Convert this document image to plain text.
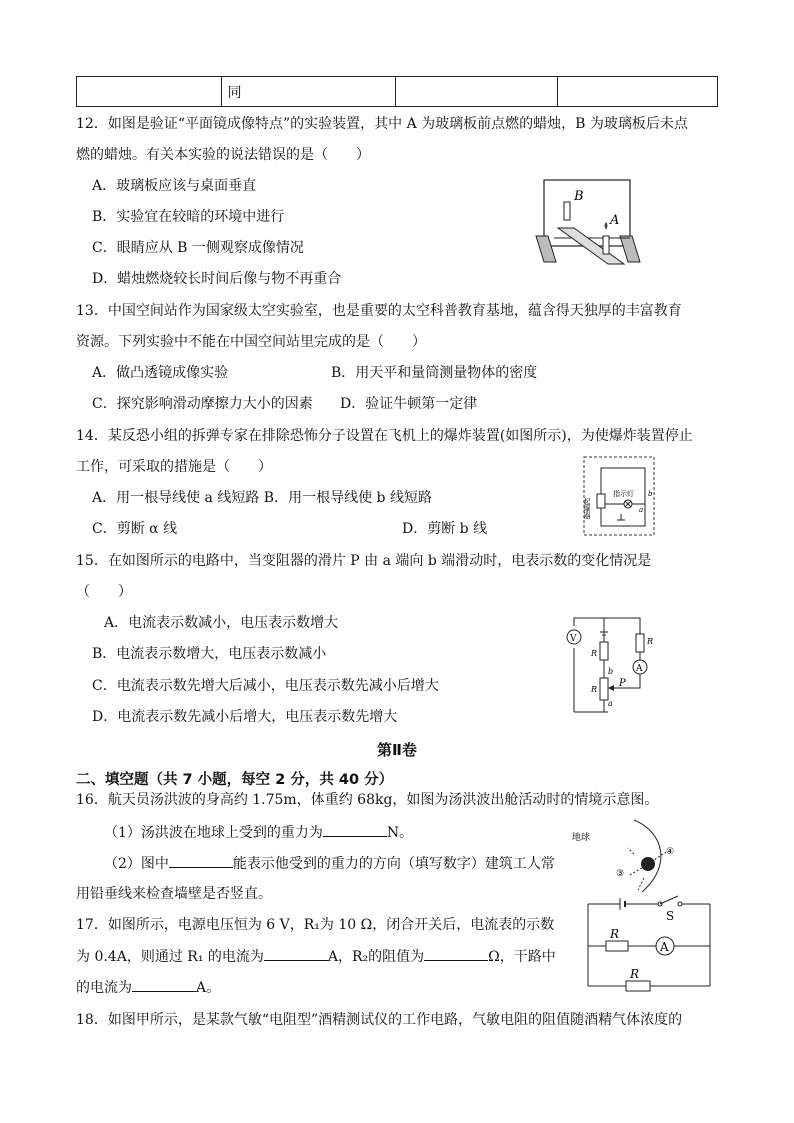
	同		
12．如图是验证“平面镜成像特点”的实验装置，其中 A 为玻璃板前点燃的蜡烛，B 为玻璃板后未点
燃的蜡烛。有关本实验的说法错误的是（　　）
A．玻璃板应该与桌面垂直
B．实验宜在较暗的环境中进行
C．眼睛应从 B 一侧观察成像情况
D．蜡烛燃烧较长时间后像与物不再重合
B
A
13．中国空间站作为国家级太空实验室，也是重要的太空科普教育基地，蕴含得天独厚的丰富教育
资源。下列实验中不能在中国空间站里完成的是（　　）
A．做凸透镜成像实验	B．用天平和量筒测量物体的密度
C．探究影响滑动摩擦力大小的因素 D．验证牛顿第一定律
14．某反恐小组的拆弹专家在排除恐怖分子设置在飞机上的爆炸装置(如图所示)，为使爆炸装置停止
工作，可采取的措施是（　　）
A．用一根导线使 a 线短路 B．用一根导线使 b 线短路
C．剪断 α 线	D．剪断 b 线
起爆器
指示灯
a
b
15．在如图所示的电路中，当变阻器的滑片 P 由 a 端向 b 端滑动时，电表示数的变化情况是
（　　）
A．电流表示数减小，电压表示数增大
B．电流表示数增大，电压表示数减小
C．电流表示数先增大后减小，电压表示数先减小后增大
D．电流表示数先减小后增大，电压表示数先增大
V
R
b
R
a
P
R
A
第Ⅱ卷
二、填空题（共 7 小题，每空 2 分，共 40 分）
16．航天员汤洪波的身高约 1.75m，体重约 68kg，如图为汤洪波出舱活动时的情境示意图。
（1）汤洪波在地球上受到的重力为	N。
（2）图中	能表示他受到的重力的方向（填写数字）建筑工人常
用铅垂线来检查墙壁是否竖直。
地球
④
③
17．如图所示，电源电压恒为 6 V，R₁为 10 Ω，闭合开关后，电流表的示数
为 0.4A，则通过 R₁ 的电流为	A，R₂的阻值为	Ω，干路中
的电流为	A。
S
R
A
R
18．如图甲所示，是某款气敏“电阻型”酒精测试仪的工作电路，气敏电阻的阻值随酒精气体浓度的
